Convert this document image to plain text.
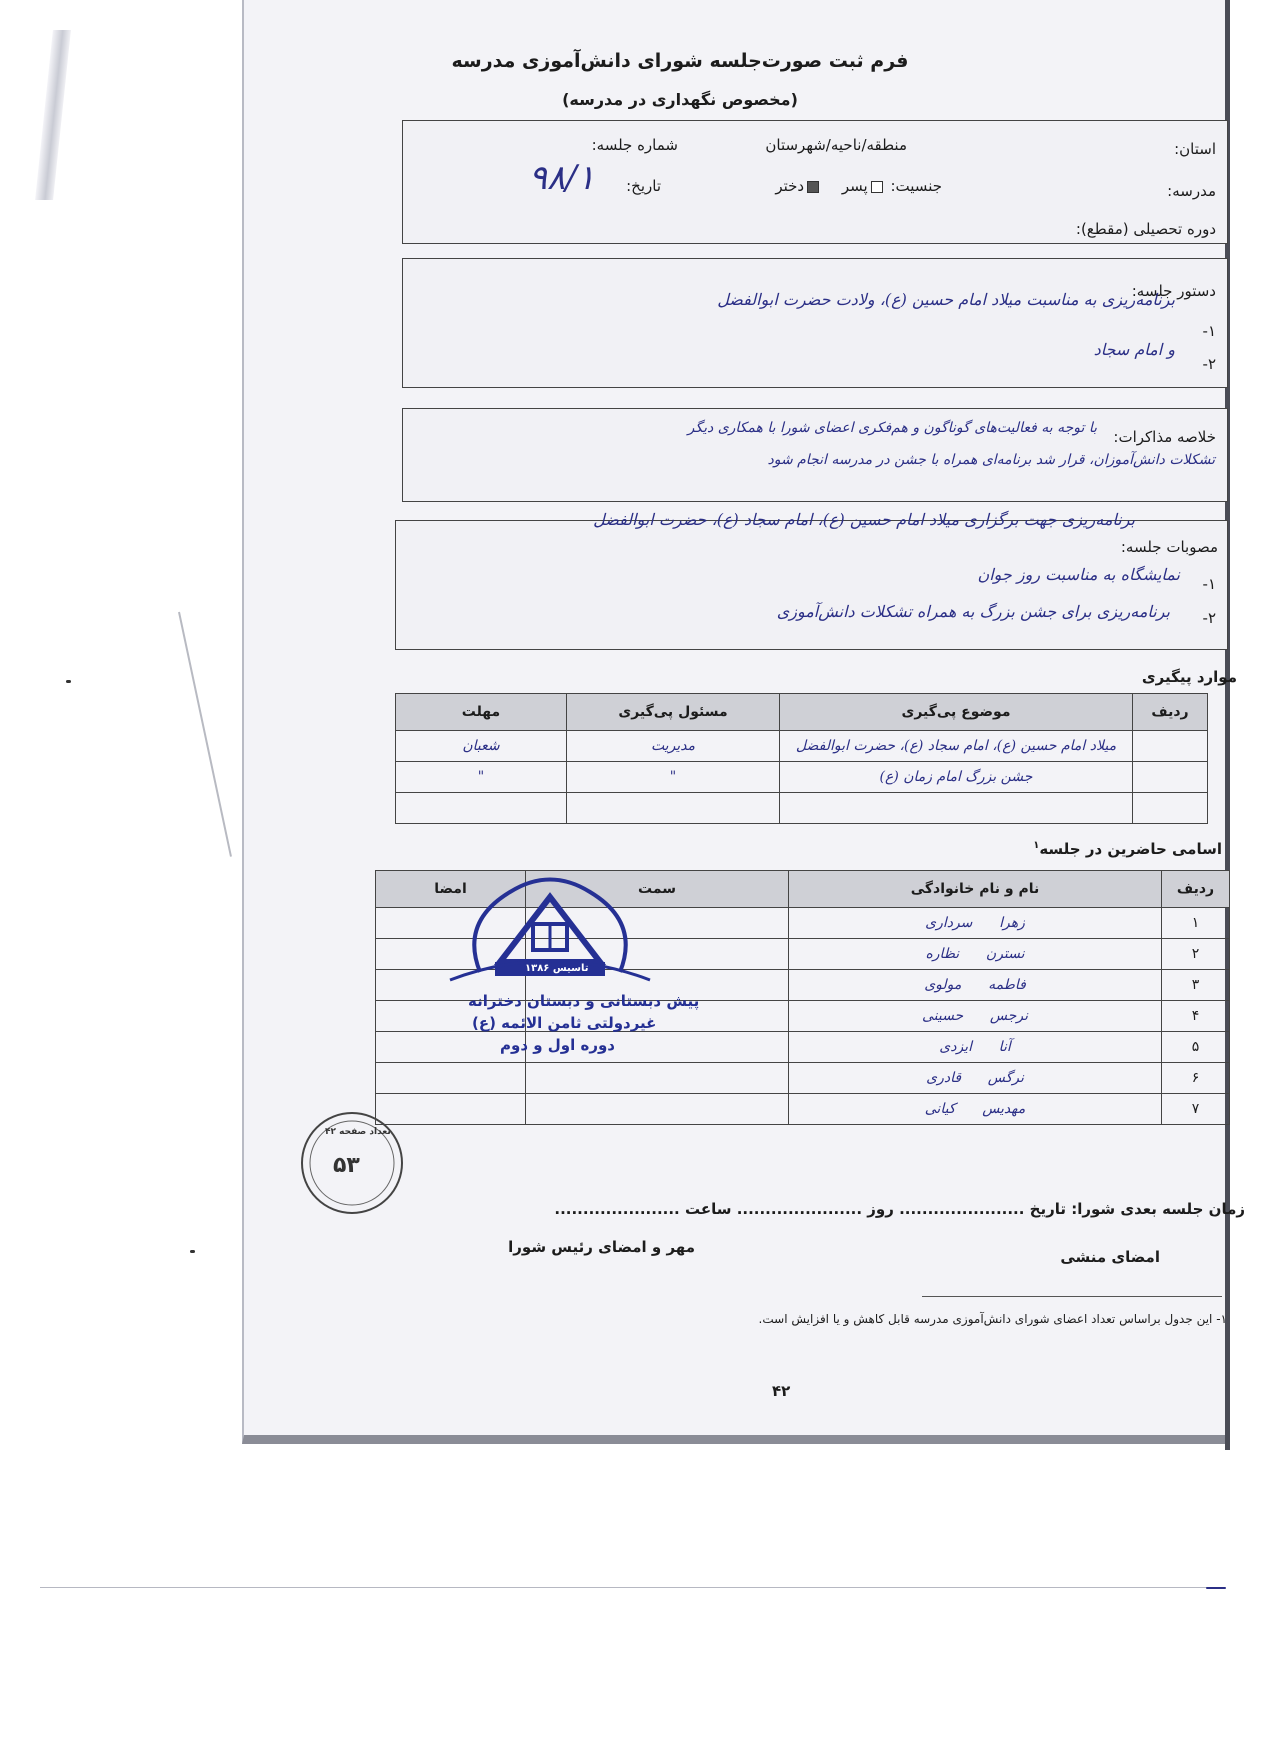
فرم ثبت صورت‌جلسه شورای دانش‌آموزی مدرسه
(مخصوص نگهداری در مدرسه)
استان:
منطقه/ناحیه/شهرستان
شماره جلسه:
مدرسه:
جنسیت: پسر دختر
تاریخ:
۹۸/۱
دوره تحصیلی (مقطع):
دستور جلسه:
۱-
برنامه‌ریزی به مناسبت میلاد امام حسین (ع)، ولادت حضرت ابوالفضل
۲-
و امام سجاد
خلاصه مذاکرات:
با توجه به فعالیت‌های گوناگون و هم‌فکری اعضای شورا با همکاری دیگر
تشکلات دانش‌آموزان، قرار شد برنامه‌ای همراه با جشن در مدرسه انجام شود
برنامه‌ریزی جهت برگزاری میلاد امام حسین (ع)، امام سجاد (ع)، حضرت ابوالفضل
مصوبات جلسه:
۱-
نمایشگاه به مناسبت روز جوان
۲-
برنامه‌ریزی برای جشن بزرگ به همراه تشکلات دانش‌آموزی
موارد پیگیری
ردیف	موضوع پی‌گیری	مسئول پی‌گیری	مهلت
	میلاد امام حسین (ع)، امام سجاد (ع)، حضرت ابوالفضل	مدیریت	شعبان
	جشن بزرگ امام زمان (ع)	"	"

اسامی حاضرین در جلسه$^۱$
ردیف	نام و نام خانوادگی	سمت	امضا
۱	زهرا      سرداری		
۲	نسترن      نظاره		
۳	فاطمه      مولوی		
۴	نرجس      حسینی		
۵	آنا      ایزدی		
۶	نرگس      قادری		
۷	مهدیس      کیانی		
تاسیس ۱۳۸۶
پیش دبستانی و دبستان دخترانه
غیردولتی ثامن الائمه (ع)
دوره اول و دوم
زمان جلسه بعدی شورا: تاریخ ...................... روز ...................... ساعت ......................
امضای منشی
مهر و امضای رئیس شورا
۵۳
تعداد صفحه ۴۲
۱- این جدول براساس تعداد اعضای شورای دانش‌آموزی مدرسه قابل کاهش و یا افزایش است.
۴۲
